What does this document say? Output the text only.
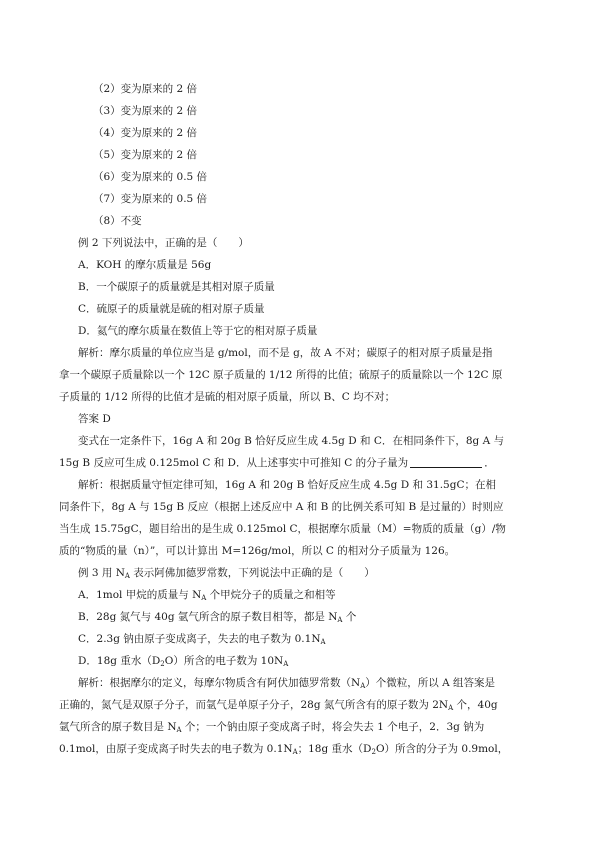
（2）变为原来的 2 倍
（3）变为原来的 2 倍
（4）变为原来的 2 倍
（5）变为原来的 2 倍
（6）变为原来的 0.5 倍
（7）变为原来的 0.5 倍
（8）不变
例 2 下列说法中，正确的是（　　）
A．KOH 的摩尔质量是 56g
B．一个碳原子的质量就是其相对原子质量
C．硫原子的质量就是硫的相对原子质量
D．氦气的摩尔质量在数值上等于它的相对原子质量
解析：摩尔质量的单位应当是 g/mol，而不是 g，故 A 不对；碳原子的相对原子质量是指
拿一个碳原子质量除以一个 12C 原子质量的 1/12 所得的比值；硫原子的质量除以一个 12C 原
子质量的 1/12 所得的比值才是硫的相对原子质量，所以 B、C 均不对；
答案 D
变式在一定条件下，16g A 和 20g B 恰好反应生成 4.5g D 和 C．在相同条件下，8g A 与
15g B 反应可生成 0.125mol C 和 D．从上述事实中可推知 C 的分子量为	．
解析：根据质量守恒定律可知，16g A 和 20g B 恰好反应生成 4.5g D 和 31.5gC；在相
同条件下，8g A 与 15g B 反应（根据上述反应中 A 和 B 的比例关系可知 B 是过量的）时则应
当生成 15.75gC，题目给出的是生成 0.125mol C，根据摩尔质量（M）=物质的质量（g）/物
质的“物质的量（n）”，可以计算出 M=126g/mol，所以 C 的相对分子质量为 126。
例 3 用 $N_A$ 表示阿佛加德罗常数，下列说法中正确的是（　　）
A．1mol 甲烷的质量与 $N_A$ 个甲烷分子的质量之和相等
B．28g 氮气与 40g 氩气所含的原子数目相等，都是 $N_A$ 个
C．2.3g 钠由原子变成离子，失去的电子数为 $0.1N_A$
D．18g 重水$(D_2O)$所含的电子数为 $10N_A$
解析：根据摩尔的定义，每摩尔物质含有阿伏加德罗常数$(N_A)$个微粒，所以 A 组答案是
正确的，氮气是双原子分子，而氩气是单原子分子，28g 氮气所含有的原子数为 $2N_A$ 个，40g
氩气所含的原子数目是 $N_A$ 个；一个钠由原子变成离子时，将会失去 1 个电子，2．3g 钠为
0.1mol，由原子变成离子时失去的电子数为 $0.1N_A$；18g 重水$(D_2O)$所含的分子为 0.9mol，
